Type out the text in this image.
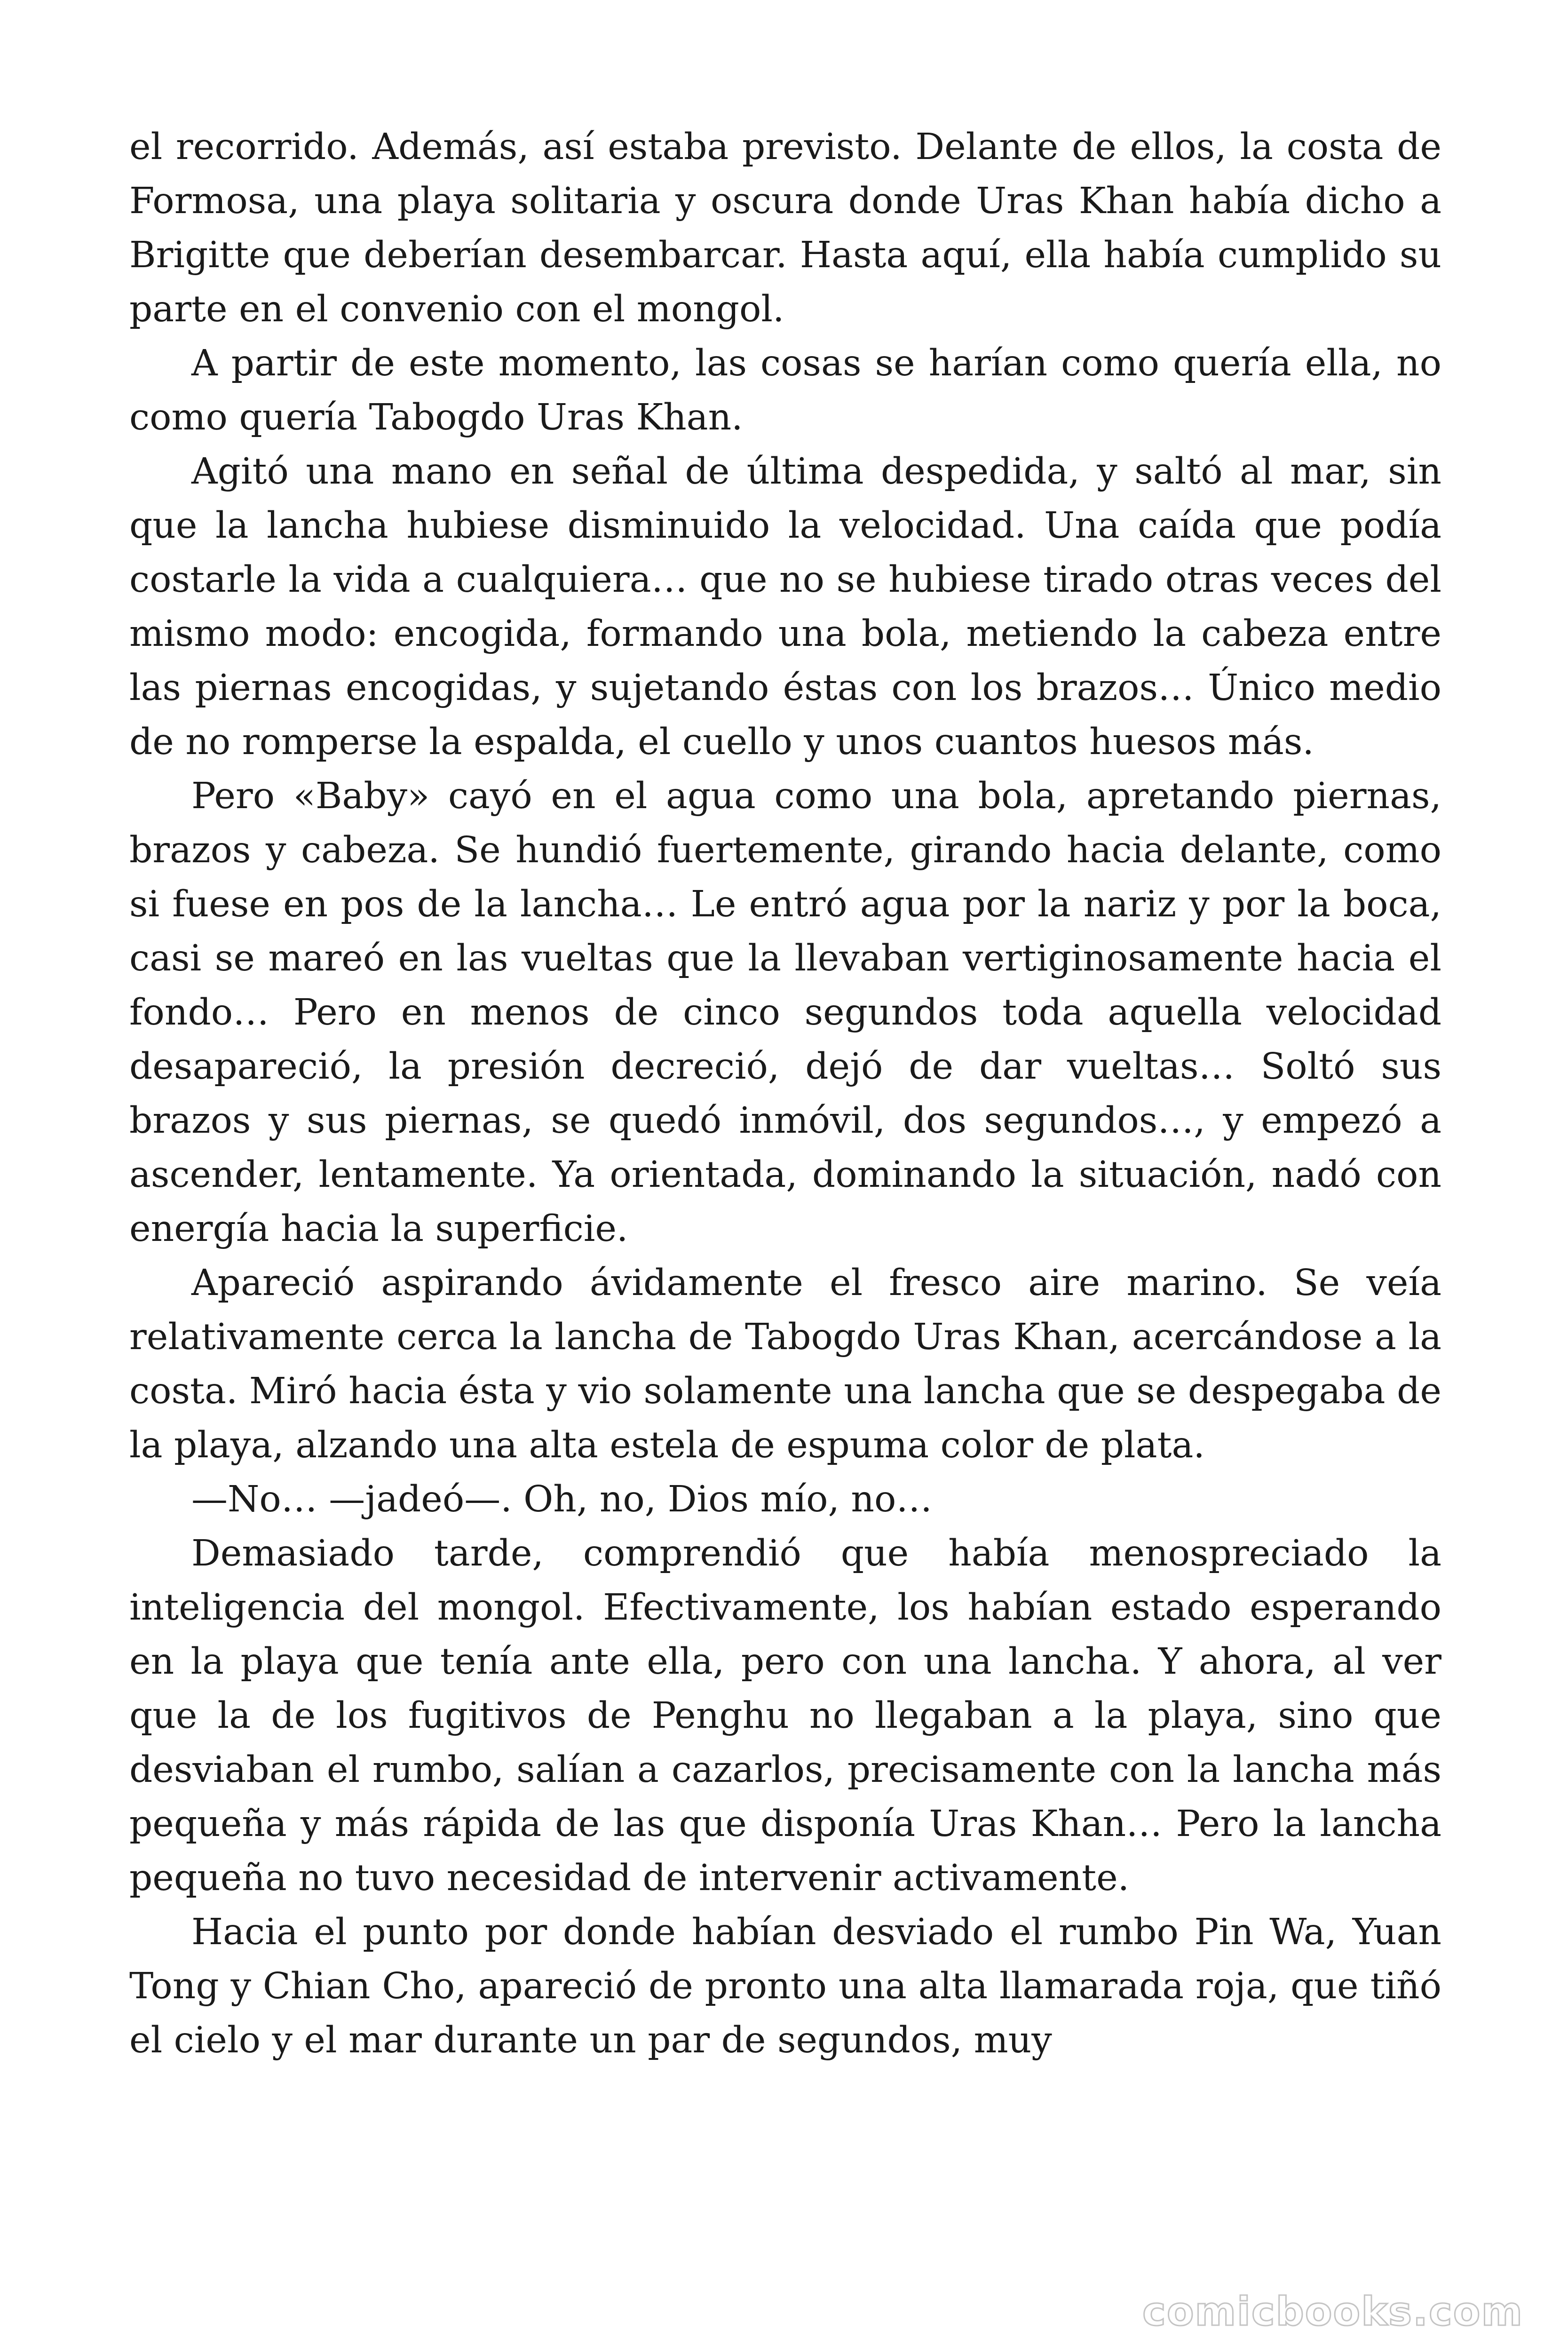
el recorrido. Además, así estaba previsto. Delante de ellos, la costa de Formosa, una playa solitaria y oscura donde Uras Khan había dicho a Brigitte que deberían desembarcar. Hasta aquí, ella había cumplido su parte en el convenio con el mongol.

A partir de este momento, las cosas se harían como quería ella, no como quería Tabogdo Uras Khan.

Agitó una mano en señal de última despedida, y saltó al mar, sin que la lancha hubiese disminuido la velocidad. Una caída que podía costarle la vida a cualquiera… que no se hubiese tirado otras veces del mismo modo: encogida, formando una bola, metiendo la cabeza entre las piernas encogidas, y sujetando éstas con los brazos… Único medio de no romperse la espalda, el cuello y unos cuantos huesos más.

Pero «Baby» cayó en el agua como una bola, apretando piernas, brazos y cabeza. Se hundió fuertemente, girando hacia delante, como si fuese en pos de la lancha… Le entró agua por la nariz y por la boca, casi se mareó en las vueltas que la llevaban vertiginosamente hacia el fondo… Pero en menos de cinco segundos toda aquella velocidad desapareció, la presión decreció, dejó de dar vueltas… Soltó sus brazos y sus piernas, se quedó inmóvil, dos segundos…, y empezó a ascender, lentamente. Ya orientada, dominando la situación, nadó con energía hacia la superficie.

Apareció aspirando ávidamente el fresco aire marino. Se veía relativamente cerca la lancha de Tabogdo Uras Khan, acercándose a la costa. Miró hacia ésta y vio solamente una lancha que se despegaba de la playa, alzando una alta estela de espuma color de plata.

—No… —jadeó—. Oh, no, Dios mío, no…

Demasiado tarde, comprendió que había menospreciado la inteligencia del mongol. Efectivamente, los habían estado esperando en la playa que tenía ante ella, pero con una lancha. Y ahora, al ver que la de los fugitivos de Penghu no llegaban a la playa, sino que desviaban el rumbo, salían a cazarlos, precisamente con la lancha más pequeña y más rápida de las que disponía Uras Khan… Pero la lancha pequeña no tuvo necesidad de intervenir activamente.

Hacia el punto por donde habían desviado el rumbo Pin Wa, Yuan Tong y Chian Cho, apareció de pronto una alta llamarada roja, que tiñó el cielo y el mar durante un par de segundos, muy

comicbooks.com
